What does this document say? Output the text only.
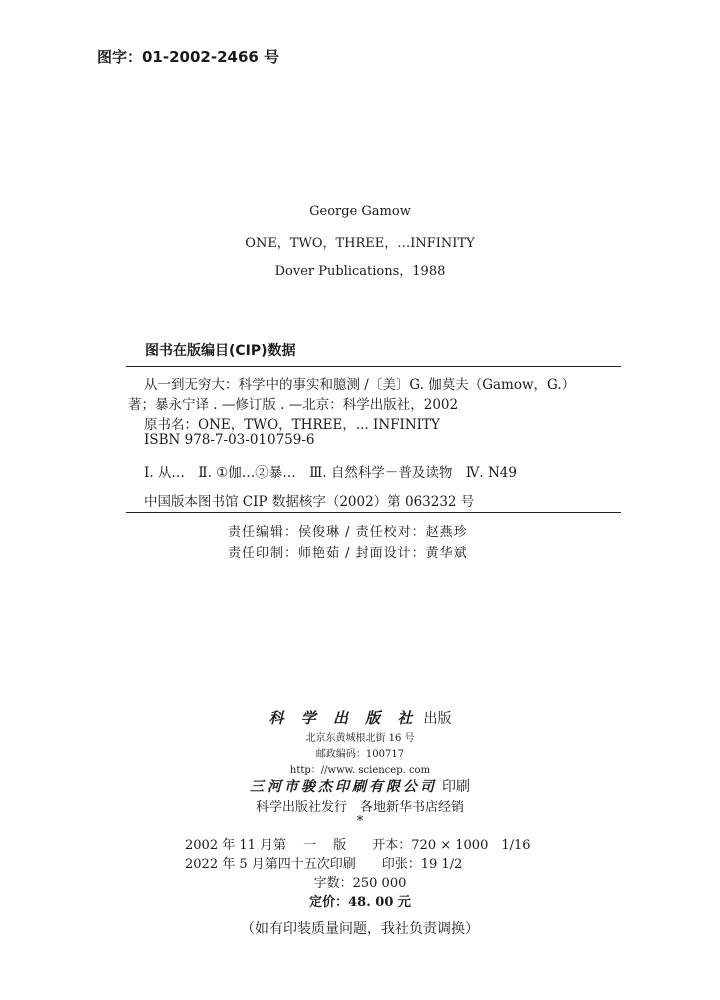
图字：01-2002-2466 号
George Gamow
ONE，TWO，THREE，…INFINITY
Dover Publications，1988
图书在版编目(CIP)数据
从一到无穷大：科学中的事实和臆测 /〔美〕G. 伽莫夫（Gamow，G.）
著；暴永宁译 . —修订版 . —北京：科学出版社，2002
原书名：ONE，TWO，THREE，... INFINITY
ISBN 978-7-03-010759-6
Ⅰ. 从…　Ⅱ. ①伽…②暴…　Ⅲ. 自然科学－普及读物　Ⅳ. N49
中国版本图书馆 CIP 数据核字（2002）第 063232 号
责任编辑：侯俊琳 / 责任校对：赵燕珍
责任印制：师艳茹 / 封面设计：黄华斌
科 学 出 版 社 出版
北京东黄城根北街 16 号
邮政编码：100717
http：//www. sciencep. com
三河市骏杰印刷有限公司 印刷
科学出版社发行　各地新华书店经销
*
2002 年 11 月第　 一　 版　　开本：720 × 1000　1/16
2022 年 5 月第四十五次印刷　　印张：19 1/2
字数：250 000
定价：48. 00 元
（如有印装质量问题，我社负责调换）
